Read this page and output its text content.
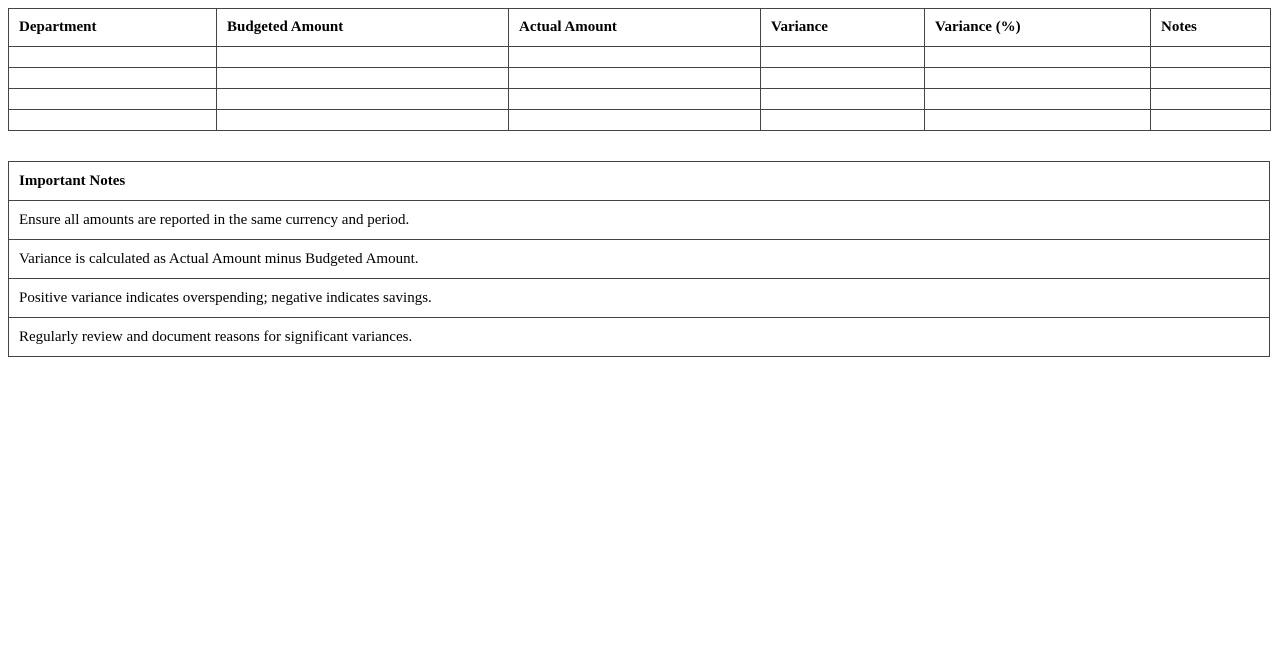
Department	Budgeted Amount	Actual Amount	Variance	Variance (%)	Notes

Important Notes
Ensure all amounts are reported in the same currency and period.
Variance is calculated as Actual Amount minus Budgeted Amount.
Positive variance indicates overspending; negative indicates savings.
Regularly review and document reasons for significant variances.
